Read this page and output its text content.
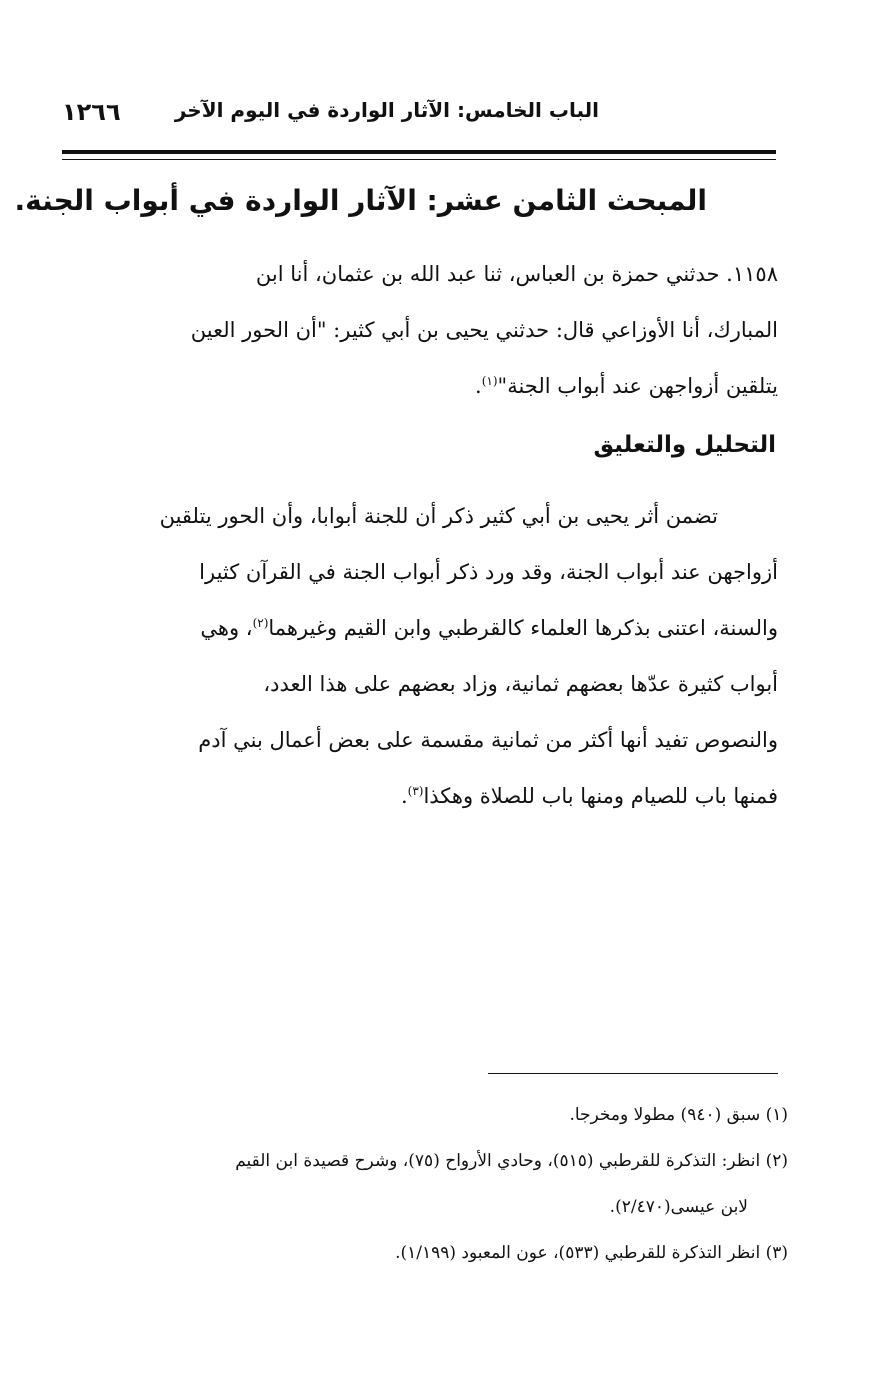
١٢٦٦	الباب الخامس: الآثار الواردة في اليوم الآخر
المبحث الثامن عشر: الآثار الواردة في أبواب الجنة.
١١٥٨. حدثني حمزة بن العباس، ثنا عبد الله بن عثمان، أنا ابن
المبارك، أنا الأوزاعي قال: حدثني يحيى بن أبي كثير: "أن الحور العين
يتلقين أزواجهن عند أبواب الجنة"$^{(١)}$.
التحليل والتعليق
تضمن أثر يحيى بن أبي كثير ذكر أن للجنة أبوابا، وأن الحور يتلقين
أزواجهن عند أبواب الجنة، وقد ورد ذكر أبواب الجنة في القرآن كثيرا
والسنة، اعتنى بذكرها العلماء كالقرطبي وابن القيم وغيرهما$^{(٢)}$، وهي
أبواب كثيرة عدّها بعضهم ثمانية، وزاد بعضهم على هذا العدد،
والنصوص تفيد أنها أكثر من ثمانية مقسمة على بعض أعمال بني آدم
فمنها باب للصيام ومنها باب للصلاة وهكذا$^{(٣)}$.
(١) سبق (٩٤٠) مطولا ومخرجا.
(٢) انظر: التذكرة للقرطبي (٥١٥)، وحادي الأرواح (٧٥)، وشرح قصيدة ابن القيم
لابن عيسى(٢/٤٧٠).
(٣) انظر التذكرة للقرطبي (٥٣٣)، عون المعبود (١/١٩٩).
